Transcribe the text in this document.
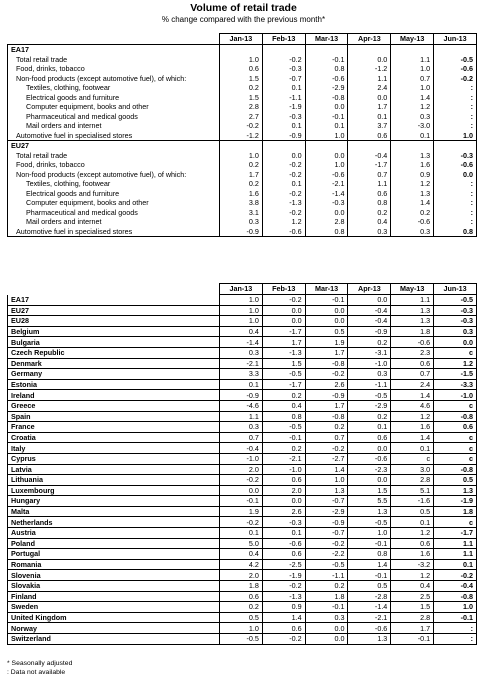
Volume of retail trade
% change compared with the previous month*
	Jan-13	Feb-13	Mar-13	Apr-13	May-13	Jun-13
EA17						
Total retail trade	1.0	-0.2	-0.1	0.0	1.1	-0.5
Food, drinks, tobacco	0.6	-0.3	0.8	-1.2	1.0	-0.6
Non-food products (except automotive fuel), of which:	1.5	-0.7	-0.6	1.1	0.7	-0.2
Textiles, clothing, footwear	0.2	0.1	-2.9	2.4	1.0	:
Electrical goods and furniture	1.5	-1.1	-0.8	0.0	1.4	:
Computer equipment, books and other	2.8	-1.9	0.0	1.7	1.2	:
Pharmaceutical and medical goods	2.7	-0.3	-0.1	0.1	0.3	:
Mail orders and internet	-0.2	0.1	0.1	3.7	-3.0	:
Automotive fuel in specialised stores	-1.2	-0.9	1.0	0.6	0.1	1.0
EU27						
Total retail trade	1.0	0.0	0.0	-0.4	1.3	-0.3
Food, drinks, tobacco	0.2	-0.2	1.0	-1.7	1.6	-0.6
Non-food products (except automotive fuel), of which:	1.7	-0.2	-0.6	0.7	0.9	0.0
Textiles, clothing, footwear	0.2	0.1	-2.1	1.1	1.2	:
Electrical goods and furniture	1.6	-0.2	-1.4	0.6	1.3	:
Computer equipment, books and other	3.8	-1.3	-0.3	0.8	1.4	:
Pharmaceutical and medical goods	3.1	-0.2	0.0	0.2	0.2	:
Mail orders and internet	0.3	1.2	2.8	0.4	-0.6	:
Automotive fuel in specialised stores	-0.9	-0.6	0.8	0.3	0.3	0.8
	Jan-13	Feb-13	Mar-13	Apr-13	May-13	Jun-13
EA17	1.0	-0.2	-0.1	0.0	1.1	-0.5
EU27	1.0	0.0	0.0	-0.4	1.3	-0.3
EU28	1.0	0.0	0.0	-0.4	1.3	-0.3
Belgium	0.4	-1.7	0.5	-0.9	1.8	0.3
Bulgaria	-1.4	1.7	1.9	0.2	-0.6	0.0
Czech Republic	0.3	-1.3	1.7	-3.1	2.3	c
Denmark	-2.1	1.5	-0.8	-1.0	0.6	1.2
Germany	3.3	-0.5	-0.2	0.3	0.7	-1.5
Estonia	0.1	-1.7	2.6	-1.1	2.4	-3.3
Ireland	-0.9	0.2	-0.9	-0.5	1.4	-1.0
Greece	-4.6	0.4	1.7	-2.9	4.6	c
Spain	1.1	0.8	-0.8	0.2	1.2	-0.8
France	0.3	-0.5	0.2	0.1	1.6	0.6
Croatia	0.7	-0.1	0.7	0.6	1.4	c
Italy	-0.4	0.2	-0.2	0.0	0.1	c
Cyprus	-1.0	-2.1	-2.7	-0.6	c	c
Latvia	2.0	-1.0	1.4	-2.3	3.0	-0.8
Lithuania	-0.2	0.6	1.0	0.0	2.8	0.5
Luxembourg	0.0	2.0	1.3	1.5	5.1	1.3
Hungary	-0.1	0.0	-0.7	5.5	-1.6	-1.9
Malta	1.9	2.6	-2.9	1.3	0.5	1.8
Netherlands	-0.2	-0.3	-0.9	-0.5	0.1	c
Austria	0.1	0.1	-0.7	1.0	1.2	-1.7
Poland	5.0	-0.6	-0.2	-0.1	0.6	1.1
Portugal	0.4	0.6	-2.2	0.8	1.6	1.1
Romania	4.2	-2.5	-0.5	1.4	-3.2	0.1
Slovenia	2.0	-1.9	-1.1	-0.1	1.2	-0.2
Slovakia	1.8	-0.2	0.2	0.5	0.4	-0.4
Finland	0.6	-1.3	1.8	-2.8	2.5	-0.8
Sweden	0.2	0.9	-0.1	-1.4	1.5	1.0
United Kingdom	0.5	1.4	0.3	-2.1	2.8	-0.1
Norway	1.0	0.6	0.0	-0.6	1.7	:
Switzerland	-0.5	-0.2	0.0	1.3	-0.1	:
* Seasonally adjusted
: Data not available
